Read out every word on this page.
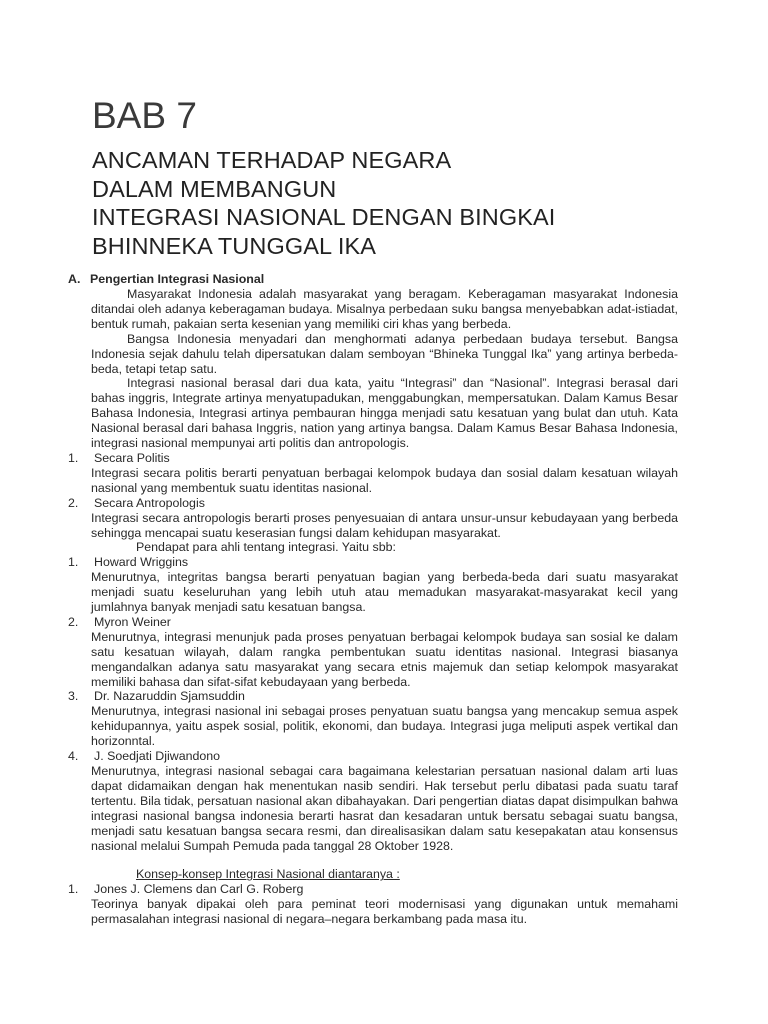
BAB 7
ANCAMAN TERHADAP NEGARA
DALAM MEMBANGUN
INTEGRASI NASIONAL DENGAN BINGKAI
BHINNEKA TUNGGAL IKA
A. Pengertian Integrasi Nasional
Masyarakat Indonesia adalah masyarakat yang beragam. Keberagaman masyarakat Indonesia ditandai oleh adanya keberagaman budaya. Misalnya perbedaan suku bangsa menyebabkan adat-istiadat, bentuk rumah, pakaian serta kesenian yang memiliki ciri khas yang berbeda.
Bangsa Indonesia menyadari dan menghormati adanya perbedaan budaya tersebut. Bangsa Indonesia sejak dahulu telah dipersatukan dalam semboyan “Bhineka Tunggal Ika” yang artinya berbeda-beda, tetapi tetap satu.
Integrasi nasional berasal dari dua kata, yaitu “Integrasi” dan “Nasional”. Integrasi berasal dari bahas inggris, Integrate artinya menyatupadukan, menggabungkan, mempersatukan. Dalam Kamus Besar Bahasa Indonesia, Integrasi artinya pembauran hingga menjadi satu kesatuan yang bulat dan utuh. Kata Nasional berasal dari bahasa Inggris, nation yang artinya bangsa. Dalam Kamus Besar Bahasa Indonesia, integrasi nasional mempunyai arti politis dan antropologis.
1.	Secara Politis
Integrasi secara politis berarti penyatuan berbagai kelompok budaya dan sosial dalam kesatuan wilayah nasional yang membentuk suatu identitas nasional.
2.	Secara Antropologis
Integrasi secara antropologis berarti proses penyesuaian di antara unsur-unsur kebudayaan yang berbeda sehingga mencapai suatu keserasian fungsi dalam kehidupan masyarakat.
Pendapat para ahli tentang integrasi. Yaitu sbb:
1.	Howard Wriggins
Menurutnya, integritas bangsa berarti penyatuan bagian yang berbeda-beda dari suatu masyarakat menjadi suatu keseluruhan yang lebih utuh atau memadukan masyarakat-masyarakat kecil yang jumlahnya banyak menjadi satu kesatuan bangsa.
2.	Myron Weiner
Menurutnya, integrasi menunjuk pada proses penyatuan berbagai kelompok budaya san sosial ke dalam satu kesatuan wilayah, dalam rangka pembentukan suatu identitas nasional. Integrasi biasanya mengandalkan adanya satu masyarakat yang secara etnis majemuk dan setiap kelompok masyarakat memiliki bahasa dan sifat-sifat kebudayaan yang berbeda.
3.	Dr. Nazaruddin Sjamsuddin
Menurutnya, integrasi nasional ini sebagai proses penyatuan suatu bangsa yang mencakup semua aspek kehidupannya, yaitu aspek sosial, politik, ekonomi, dan budaya. Integrasi juga meliputi aspek vertikal dan horizonntal.
4.	J. Soedjati Djiwandono
Menurutnya, integrasi nasional sebagai cara bagaimana kelestarian persatuan nasional dalam arti luas dapat didamaikan dengan hak menentukan nasib sendiri. Hak tersebut perlu dibatasi pada suatu taraf tertentu. Bila tidak, persatuan nasional akan dibahayakan. Dari pengertian diatas dapat disimpulkan bahwa integrasi nasional bangsa indonesia berarti hasrat dan kesadaran untuk bersatu sebagai suatu bangsa, menjadi satu kesatuan bangsa secara resmi, dan direalisasikan dalam satu kesepakatan atau konsensus nasional melalui Sumpah Pemuda pada tanggal 28 Oktober 1928.
Konsep-konsep Integrasi Nasional diantaranya :
1.	Jones J. Clemens dan Carl G. Roberg
Teorinya banyak dipakai oleh para peminat teori modernisasi yang digunakan untuk memahami permasalahan integrasi nasional di negara–negara berkambang pada masa itu.
